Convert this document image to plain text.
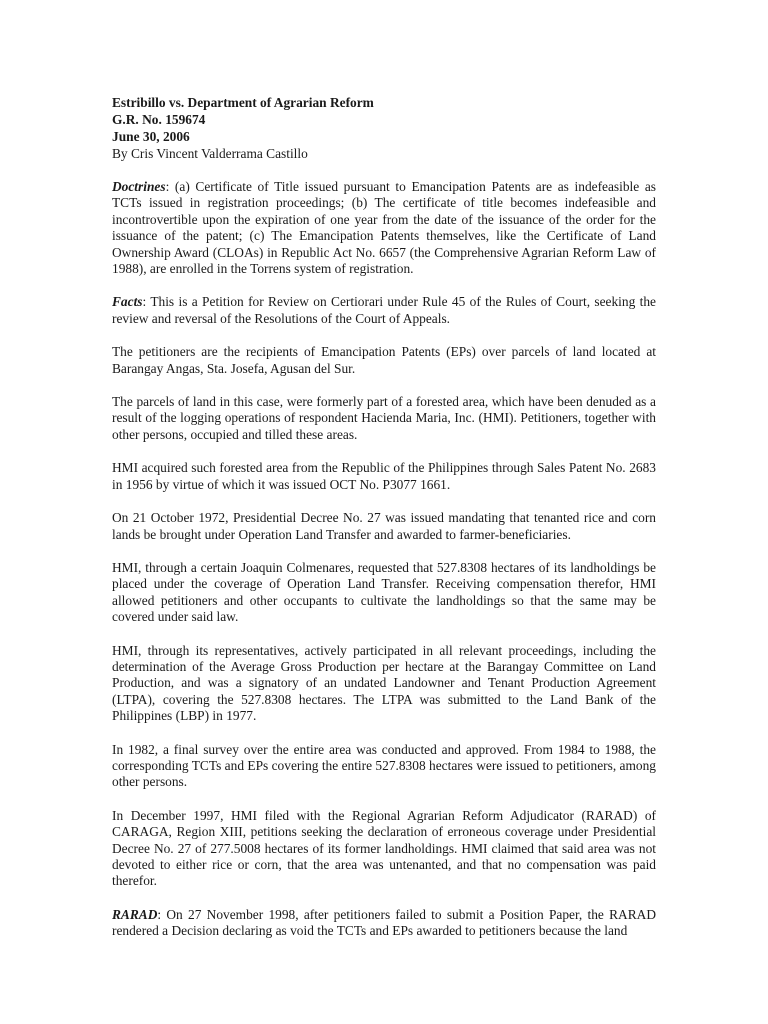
Estribillo vs. Department of Agrarian Reform

G.R. No. 159674

June 30, 2006

By Cris Vincent Valderrama Castillo

Doctrines: (a) Certificate of Title issued pursuant to Emancipation Patents are as indefeasible as TCTs issued in registration proceedings; (b) The certificate of title becomes indefeasible and incontrovertible upon the expiration of one year from the date of the issuance of the order for the issuance of the patent; (c) The Emancipation Patents themselves, like the Certificate of Land Ownership Award (CLOAs) in Republic Act No. 6657 (the Comprehensive Agrarian Reform Law of 1988), are enrolled in the Torrens system of registration.

Facts: This is a Petition for Review on Certiorari under Rule 45 of the Rules of Court, seeking the review and reversal of the Resolutions of the Court of Appeals.

The petitioners are the recipients of Emancipation Patents (EPs) over parcels of land located at Barangay Angas, Sta. Josefa, Agusan del Sur.

The parcels of land in this case, were formerly part of a forested area, which have been denuded as a result of the logging operations of respondent Hacienda Maria, Inc. (HMI). Petitioners, together with other persons, occupied and tilled these areas.

HMI acquired such forested area from the Republic of the Philippines through Sales Patent No. 2683 in 1956 by virtue of which it was issued OCT No. P3077 1661.

On 21 October 1972, Presidential Decree No. 27 was issued mandating that tenanted rice and corn lands be brought under Operation Land Transfer and awarded to farmer-beneficiaries.

HMI, through a certain Joaquin Colmenares, requested that 527.8308 hectares of its landholdings be placed under the coverage of Operation Land Transfer. Receiving compensation therefor, HMI allowed petitioners and other occupants to cultivate the landholdings so that the same may be covered under said law.

HMI, through its representatives, actively participated in all relevant proceedings, including the determination of the Average Gross Production per hectare at the Barangay Committee on Land Production, and was a signatory of an undated Landowner and Tenant Production Agreement (LTPA), covering the 527.8308 hectares. The LTPA was submitted to the Land Bank of the Philippines (LBP) in 1977.

In 1982, a final survey over the entire area was conducted and approved. From 1984 to 1988, the corresponding TCTs and EPs covering the entire 527.8308 hectares were issued to petitioners, among other persons.

In December 1997, HMI filed with the Regional Agrarian Reform Adjudicator (RARAD) of CARAGA, Region XIII, petitions seeking the declaration of erroneous coverage under Presidential Decree No. 27 of 277.5008 hectares of its former landholdings. HMI claimed that said area was not devoted to either rice or corn, that the area was untenanted, and that no compensation was paid therefor.

RARAD: On 27 November 1998, after petitioners failed to submit a Position Paper, the RARAD rendered a Decision declaring as void the TCTs and EPs awarded to petitioners because the land
